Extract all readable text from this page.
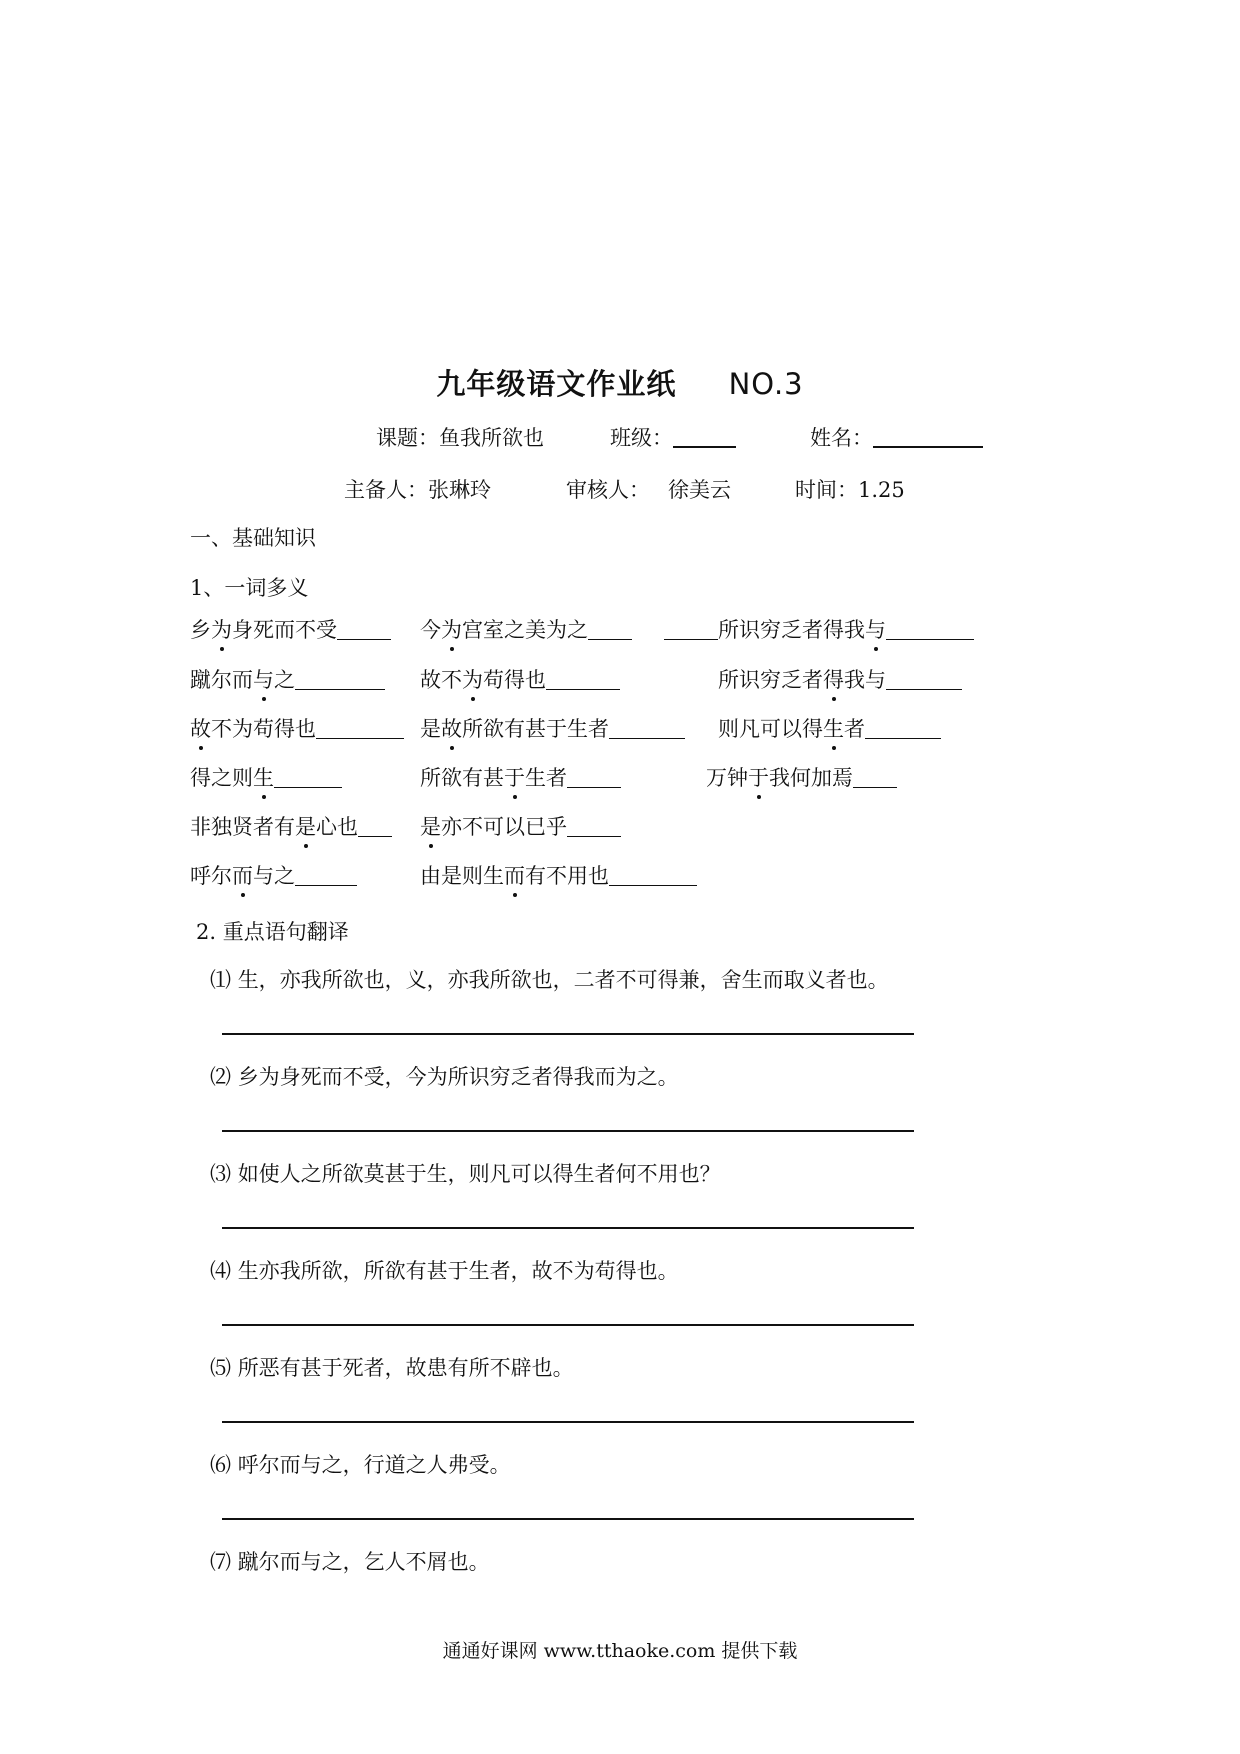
九年级语文作业纸 NO.3
课题：鱼我所欲也	班级：	姓名：
主备人：张琳玲	审核人： 徐美云	时间：1.25
一、基础知识
1、一词多义
乡为身死而不受	今为宫室之美为之	所识穷乏者得我与
蹴尔而与之	故不为苟得也	所识穷乏者得我与
故不为苟得也	是故所欲有甚于生者	则凡可以得生者
得之则生	所欲有甚于生者	万钟于我何加焉
非独贤者有是心也	是亦不可以已乎
呼尔而与之	由是则生而有不用也
2. 重点语句翻译
⑴ 生，亦我所欲也，义，亦我所欲也，二者不可得兼，舍生而取义者也。
⑵ 乡为身死而不受，今为所识穷乏者得我而为之。
⑶ 如使人之所欲莫甚于生，则凡可以得生者何不用也？
⑷ 生亦我所欲，所欲有甚于生者，故不为苟得也。
⑸ 所恶有甚于死者，故患有所不辟也。
⑹ 呼尔而与之，行道之人弗受。
⑺ 蹴尔而与之，乞人不屑也。
通通好课网 www.tthaoke.com 提供下载
